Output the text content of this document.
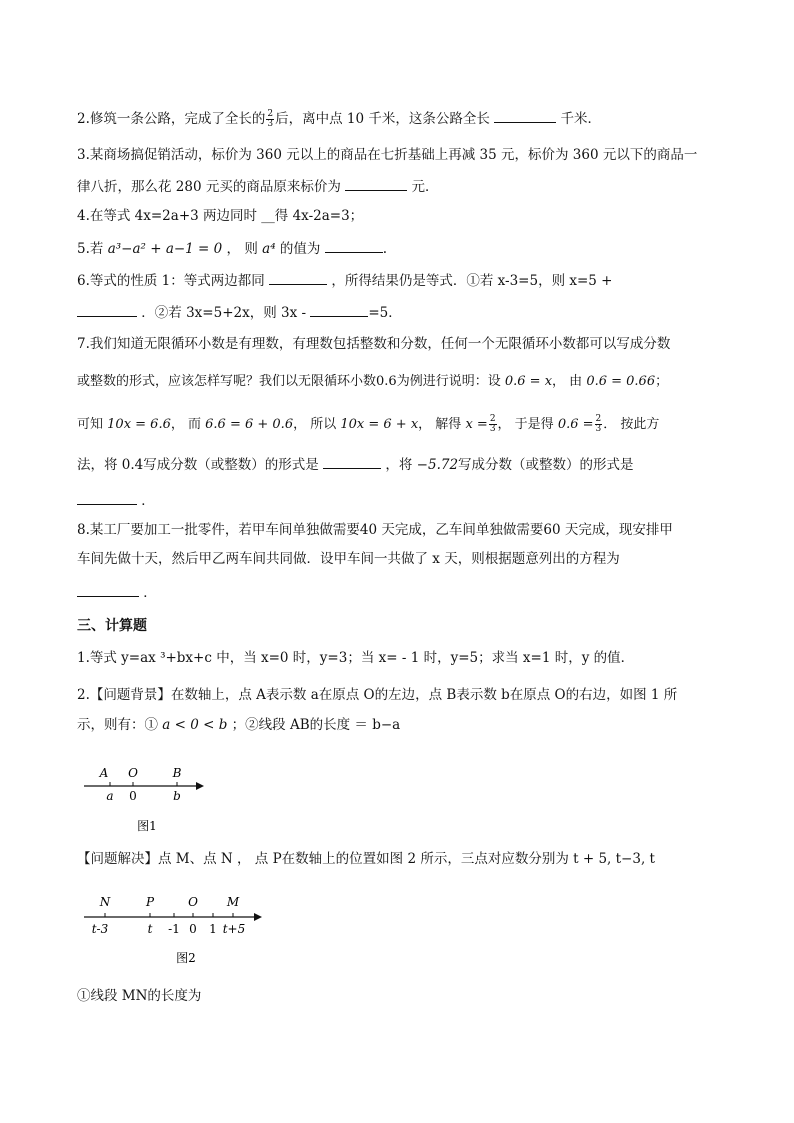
2.修筑一条公路，完成了全长的 $\frac{2}{3}$ 后，离中点 10 千米，这条公路全长	千米．
3.某商场搞促销活动，标价为 360 元以上的商品在七折基础上再减 35 元，标价为 360 元以下的商品一
律八折，那么花 280 元买的商品原来标价为	元．
4.在等式 4x=2a+3 两边同时 __得 4x-2a=3；
5.若 a³−a² + a−1 = 0 ， 则 a⁴ 的值为	.
6.等式的性质 1：等式两边都同	，所得结果仍是等式．①若 x-3=5，则 x=5 +
．②若 3x=5+2x，则 3x -	=5．
7.我们知道无限循环小数是有理数，有理数包括整数和分数，任何一个无限循环小数都可以写成分数
或整数的形式，应该怎样写呢？我们以无限循环小数0.6为例进行说明：设 0.6 = x， 由 0.6 = 0.66；
可知 10x = 6.6， 而 6.6 = 6 + 0.6， 所以 10x = 6 + x， 解得 $x = \frac{2}{3}$ ， 于是得 $0.6 = \frac{2}{3}$ ． 按此方
法，将 0.4写成分数（或整数）的形式是	，将 −5.72写成分数（或整数）的形式是
．
8.某工厂要加工一批零件，若甲车间单独做需要40 天完成，乙车间单独做需要60 天完成，现安排甲
车间先做十天，然后甲乙两车间共同做．设甲车间一共做了 x 天，则根据题意列出的方程为
．
三、计算题
1.等式 y=ax ³+bx+c 中，当 x=0 时，y=3；当 x= - 1 时，y=5；求当 x=1 时，y 的值．
2.【问题背景】在数轴上，点 A表示数 a在原点 O的左边，点 B表示数 b在原点 O的右边，如图 1 所
示，则有：① a < 0 < b ；②线段 AB的长度 ＝ b−a
A O	B
a 0	b
图1
【问题解决】点 M、点 N ， 点 P在数轴上的位置如图 2 所示，三点对应数分别为 t + 5, t−3, t
N	P	O M
t-3	t -1 0 1 t+5
图2
①线段 MN的长度为
